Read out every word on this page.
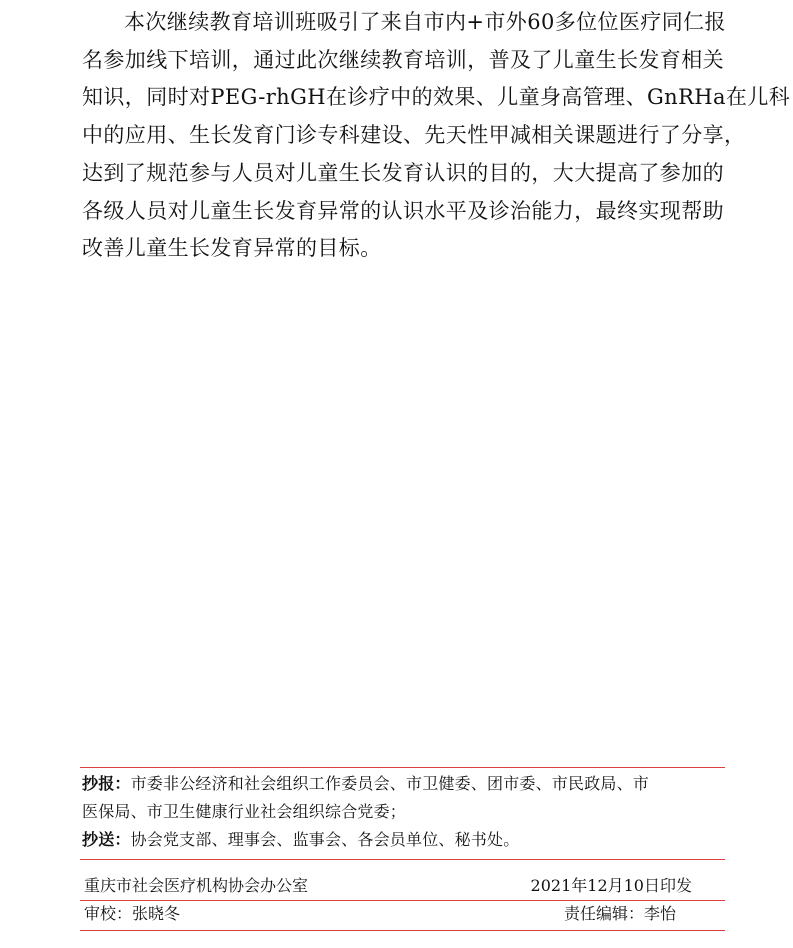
本次继续教育培训班吸引了来自市内+市外60多位位医疗同仁报
名参加线下培训，通过此次继续教育培训，普及了儿童生长发育相关
知识，同时对PEG-rhGH在诊疗中的效果、儿童身高管理、GnRHa在儿科
中的应用、生长发育门诊专科建设、先天性甲减相关课题进行了分享，
达到了规范参与人员对儿童生长发育认识的目的，大大提高了参加的
各级人员对儿童生长发育异常的认识水平及诊治能力，最终实现帮助
改善儿童生长发育异常的目标。
抄报：市委非公经济和社会组织工作委员会、市卫健委、团市委、市民政局、市
医保局、市卫生健康行业社会组织综合党委；
抄送：协会党支部、理事会、监事会、各会员单位、秘书处。
重庆市社会医疗机构协会办公室	2021年12月10日印发
审校：张晓冬	责任编辑：李怡
